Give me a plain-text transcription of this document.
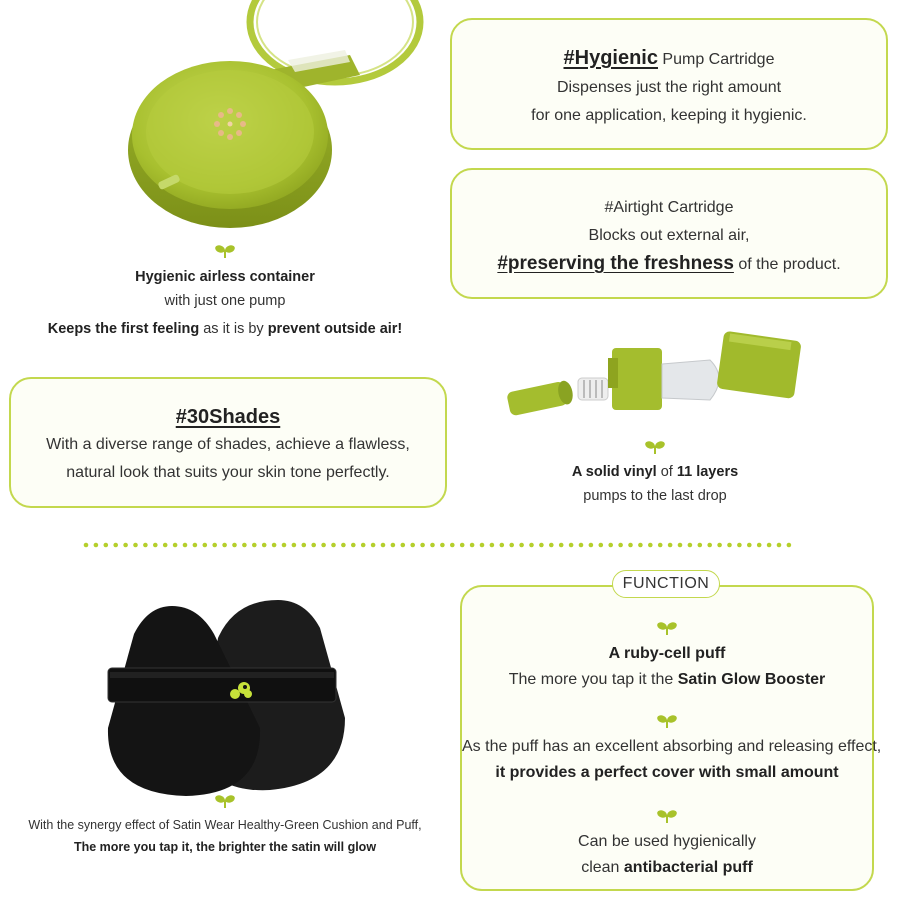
Hygienic airless container
with just one pump
Keeps the first feeling as it is by prevent outside air!
#Hygienic Pump Cartridge
Dispenses just the right amount
for one application, keeping it hygienic.
#Airtight Cartridge
Blocks out external air,
#preserving the freshness of the product.
#30Shades
With a diverse range of shades, achieve a flawless,
natural look that suits your skin tone perfectly.	A solid vinyl of 11 layers
pumps to the last drop
With the synergy effect of Satin Wear Healthy-Green Cushion and Puff,
The more you tap it, the brighter the satin will glow
FUNCTION
A ruby-cell puff
The more you tap it the Satin Glow Booster
As the puff has an excellent absorbing and releasing effect,
it provides a perfect cover with small amount
Can be used hygienically
clean antibacterial puff
